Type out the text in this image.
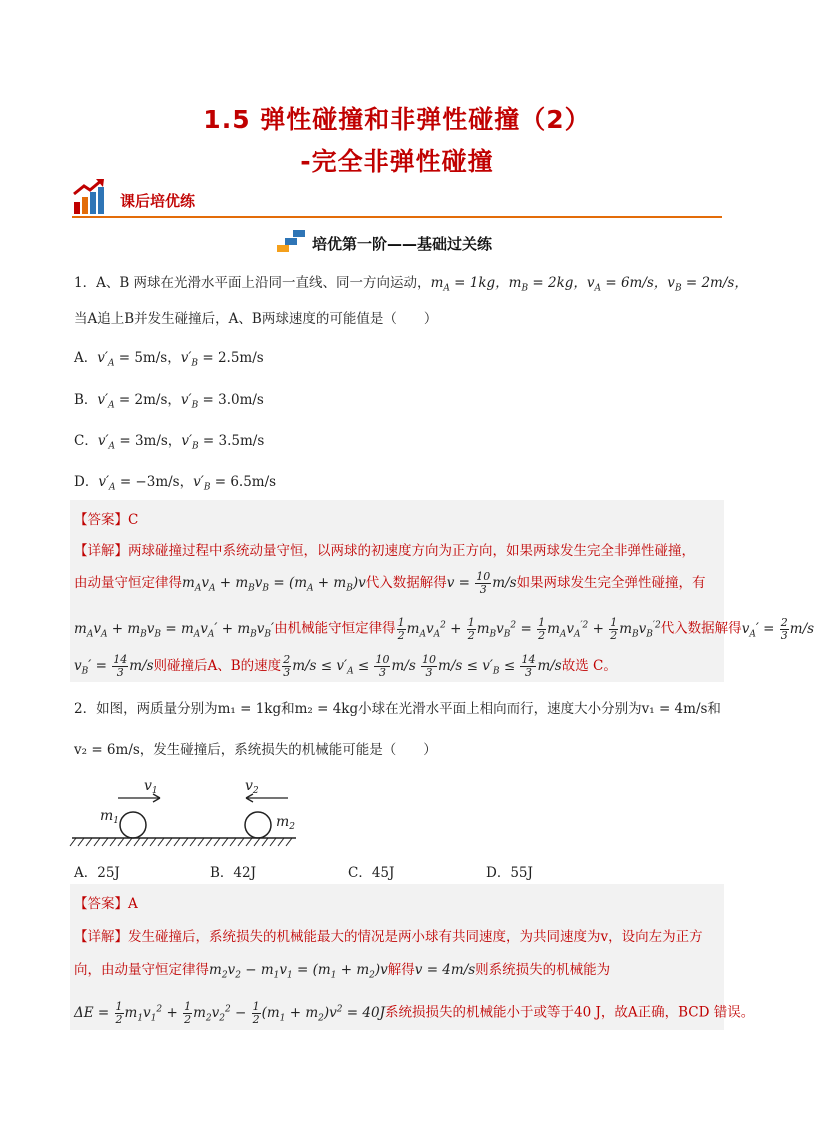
1.5 弹性碰撞和非弹性碰撞（2）
-完全非弹性碰撞
课后培优练
培优第一阶——基础过关练
1．A、B 两球在光滑水平面上沿同一直线、同一方向运动，$m_A = 1kg$，$m_B = 2kg$，$v_A = 6m/s$，$v_B = 2m/s$，
当A追上B并发生碰撞后，A、B两球速度的可能值是（　　）
A．$v'_A = 5m/s$，$v'_B = 2.5m/s$
B．$v'_A = 2m/s$，$v'_B = 3.0m/s$
C．$v'_A = 3m/s$，$v'_B = 3.5m/s$
D．$v'_A = -3m/s$，$v'_B = 6.5m/s$
【答案】C
【详解】两球碰撞过程中系统动量守恒，以两球的初速度方向为正方向，如果两球发生完全非弹性碰撞，
由动量守恒定律得$m_Av_A + m_Bv_B = (m_A + m_B)v$代入数据解得$v = \frac{10}{3} m/s$如果两球发生完全弹性碰撞，有
$m_Av_A + m_Bv_B = m_Av_A' + m_Bv_B'$由机械能守恒定律得 $\frac{1}{2} m_Av_A^2 + \frac{1}{2} m_Bv_B^2 = \frac{1}{2} m_Av_A^{'2} + \frac{1}{2} m_Bv_B^{'2}$代入数据解得$v_A' = \frac{2}{3} m/s$
$v_B' = \frac{14}{3} m/s$则碰撞后A、B的速度 $\frac{2}{3} m/s \le v'_A \le \frac{10}{3} m/s \frac{10}{3} m/s \le v'_B \le \frac{14}{3} m/s$故选 C。
2．如图，两质量分别为m₁ = 1kg和m₂ = 4kg小球在光滑水平面上相向而行，速度大小分别为v₁ = 4m/s和
v₂ = 6m/s，发生碰撞后，系统损失的机械能可能是（　　）
$v_1$	$v_2$
$m_1$	$m_2$
A．25J	B．42J	C．45J	D．55J
【答案】A
【详解】发生碰撞后，系统损失的机械能最大的情况是两小球有共同速度，为共同速度为v，设向左为正方
向，由动量守恒定律得$m_2v_2 - m_1v_1 = (m_1 + m_2)v$解得v = 4m/s则系统损失的机械能为
$\Delta E = \frac{1}{2} m_1v_1^2 + \frac{1}{2} m_2v_2^2 - \frac{1}{2} (m_1 + m_2)v^2 = 40J$系统损损失的机械能小于或等于40 J，故A正确，BCD 错误。
